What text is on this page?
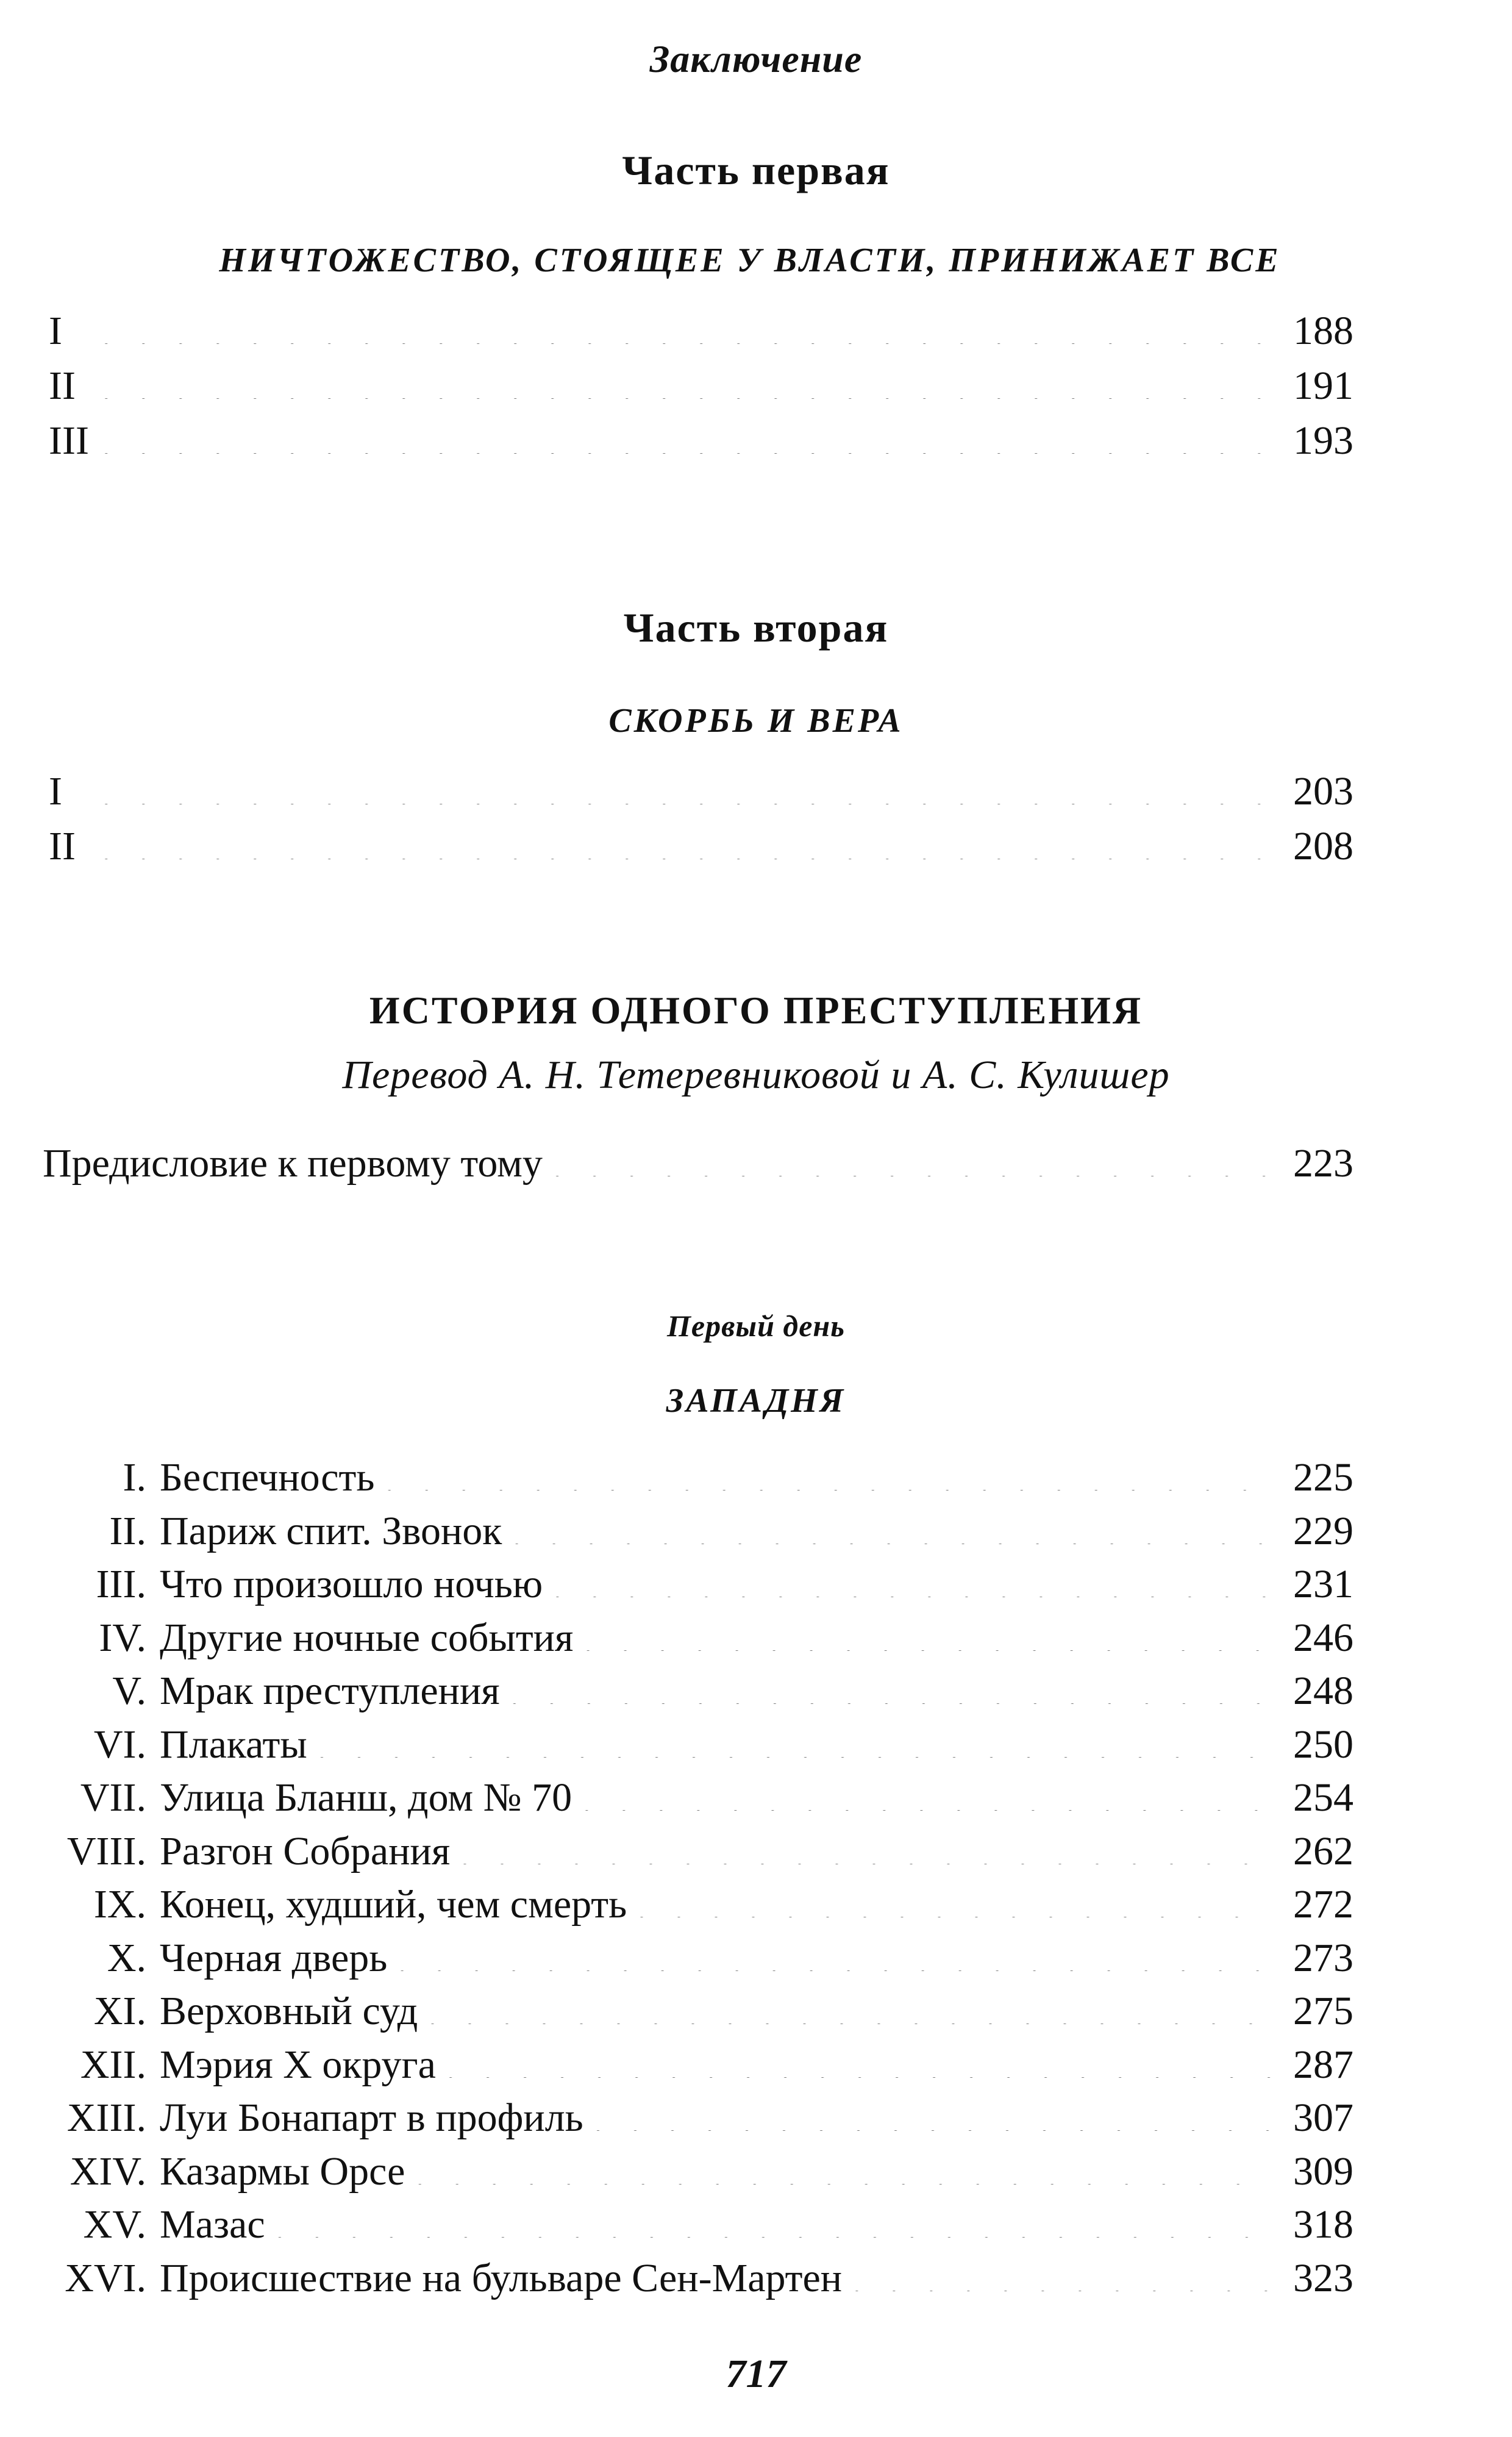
Заключение
Часть первая
НИЧТОЖЕСТВО, СТОЯЩЕЕ У ВЛАСТИ, ПРИНИЖАЕТ ВСЕ
I . . .	188
II . . .	191
III . . .	193
Часть вторая
СКОРБЬ И ВЕРА
I . . .	203
II . . .	208
ИСТОРИЯ ОДНОГО ПРЕСТУПЛЕНИЯ
Перевод А. Н. Тетеревниковой и А. С. Кулишер
Предисловие к первому тому . . .	223
Первый день
ЗАПАДНЯ
I. Беспечность . . .	225
II. Париж спит. Звонок . . .	229
III. Что произошло ночью . . .	231
IV. Другие ночные события . . .	246
V. Мрак преступления . . .	248
VI. Плакаты . . .	250
VII. Улица Бланш, дом № 70 . . .	254
VIII. Разгон Собрания . . .	262
IX. Конец, худший, чем смерть . . .	272
X. Черная дверь . . .	273
XI. Верховный суд . . .	275
XII. Мэрия X округа . . .	287
XIII. Луи Бонапарт в профиль . . .	307
XIV. Казармы Орсе . . .	309
XV. Мазас . . .	318
XVI. Происшествие на бульваре Сен-Мартен . . .	323
717
